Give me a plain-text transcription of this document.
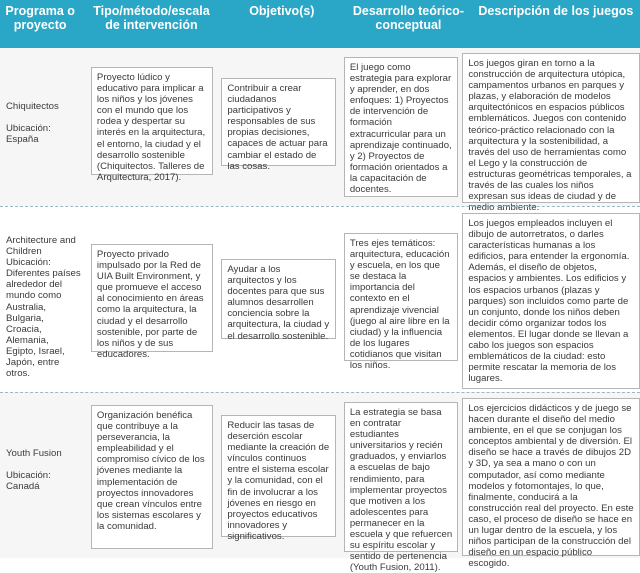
Programa o proyecto
Tipo/método/escala de intervención
Objetivo(s)	Desarrollo teórico-conceptual
Descripción de los juegos

Chiquitectos

Ubicación: España

Proyecto lúdico y educativo para implicar a los niños y los jóvenes con el mundo que los rodea y despertar su interés en la arquitectura, el entorno, la ciudad y el desarrollo sostenible (Chiquitectos. Talleres de Arquitectura, 2017).
Contribuir a crear ciudadanos participativos y responsables de sus propias decisiones, capaces de actuar para cambiar el estado de las cosas.
El juego como estrategia para explorar y aprender, en dos enfoques: 1) Proyectos de intervención de formación extracurricular para un aprendizaje continuado, y 2) Proyectos de formación orientados a la capacitación de docentes.
Los juegos giran en torno a la construcción de arquitectura utópica, campamentos urbanos en parques y plazas, y elaboración de modelos arquitectónicos en espacios públicos emblemáticos. Juegos con contenido teórico-práctico relacionado con la arquitectura y la sostenibilidad, a través del uso de herramientas como el Lego y la construcción de estructuras geométricas temporales, a través de las cuales los niños expresan sus ideas de ciudad y de medio ambiente.

Architecture and Children

Ubicación: Diferentes países alrededor del mundo como Australia, Bulgaria, Croacia, Alemania, Egipto, Israel, Japón, entre otros.

Proyecto privado impulsado por la Red de UIA Built Environment, y que promueve el acceso al conocimiento en áreas como la arquitectura, la ciudad y el desarrollo sostenible, por parte de los niños y de sus educadores.
Ayudar a los arquitectos y los docentes para que sus alumnos desarrollen conciencia sobre la arquitectura, la ciudad y el desarrollo sostenible.
Tres ejes temáticos: arquitectura, educación y escuela, en los que se destaca la importancia del contexto en el aprendizaje vivencial (juego al aire libre en la ciudad) y la influencia de los lugares cotidianos que visitan los niños.
Los juegos empleados incluyen el dibujo de autorretratos, o darles características humanas a los edificios, para entender la ergonomía. Además, el diseño de objetos, espacios y ambientes. Los edificios y los espacios urbanos (plazas y parques) son incluidos como parte de un conjunto, donde los niños deben decidir cómo organizar todos los elementos. El lugar donde se llevan a cabo los juegos son espacios emblemáticos de la ciudad: esto permite rescatar la memoria de los lugares.

Youth Fusion

Ubicación: Canadá

Organización benéfica que contribuye a la perseverancia, la empleabilidad y el compromiso cívico de los jóvenes mediante la implementación de proyectos innovadores que crean vínculos entre los sistemas escolares y la comunidad.
Reducir las tasas de deserción escolar mediante la creación de vínculos continuos entre el sistema escolar y la comunidad, con el fin de involucrar a los jóvenes en riesgo en proyectos educativos innovadores y significativos.
La estrategia se basa en contratar estudiantes universitarios y recién graduados, y enviarlos a escuelas de bajo rendimiento, para implementar proyectos que motiven a los adolescentes para permanecer en la escuela y que refuercen su espíritu escolar y sentido de pertenencia (Youth Fusion, 2011).
Los ejercicios didácticos y de juego se hacen durante el diseño del medio ambiente, en el que se conjugan los conceptos ambiental y de diversión. El diseño se hace a través de dibujos 2D y 3D, ya sea a mano o con un computador, así como mediante modelos y fotomontajes, lo que, finalmente, conducirá a la construcción real del proyecto. En este caso, el proceso de diseño se hace en un lugar dentro de la escuela, y los niños participan de la construcción del diseño en un espacio público escogido.
